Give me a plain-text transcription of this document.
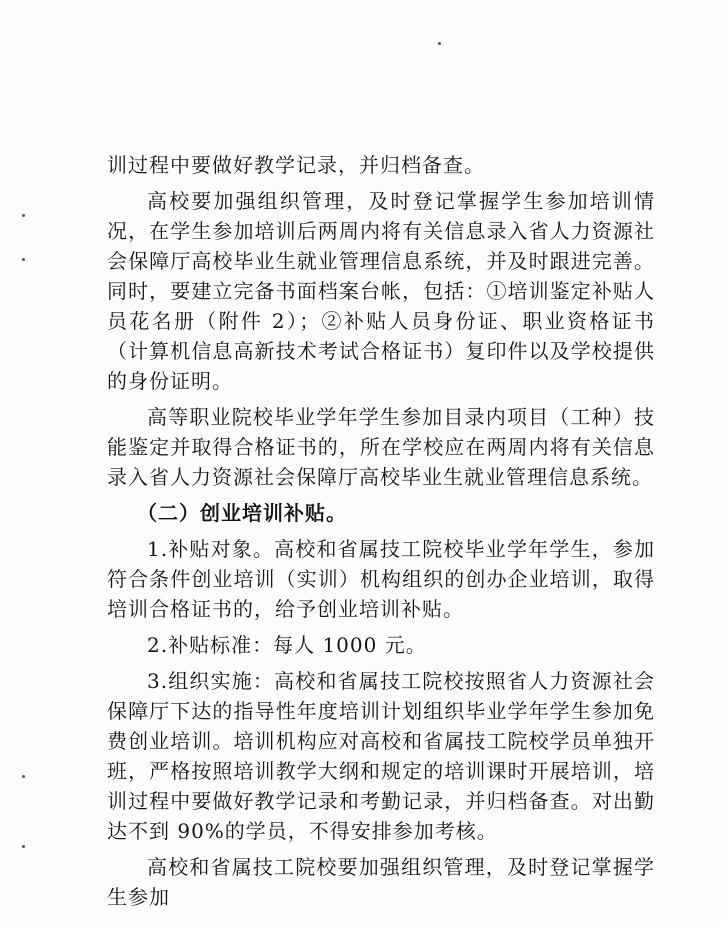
训过程中要做好教学记录，并归档备查。

高校要加强组织管理，及时登记掌握学生参加培训情况，在学生参加培训后两周内将有关信息录入省人力资源社会保障厅高校毕业生就业管理信息系统，并及时跟进完善。同时，要建立完备书面档案台帐，包括：①培训鉴定补贴人员花名册（附件 2）；②补贴人员身份证、职业资格证书（计算机信息高新技术考试合格证书）复印件以及学校提供的身份证明。

高等职业院校毕业学年学生参加目录内项目（工种）技能鉴定并取得合格证书的，所在学校应在两周内将有关信息录入省人力资源社会保障厅高校毕业生就业管理信息系统。

（二）创业培训补贴。

1.补贴对象。高校和省属技工院校毕业学年学生，参加符合条件创业培训（实训）机构组织的创办企业培训，取得培训合格证书的，给予创业培训补贴。

2.补贴标准：每人 1000 元。

3.组织实施：高校和省属技工院校按照省人力资源社会保障厅下达的指导性年度培训计划组织毕业学年学生参加免费创业培训。培训机构应对高校和省属技工院校学员单独开班，严格按照培训教学大纲和规定的培训课时开展培训，培训过程中要做好教学记录和考勤记录，并归档备查。对出勤达不到 90%的学员，不得安排参加考核。

高校和省属技工院校要加强组织管理，及时登记掌握学生参加
